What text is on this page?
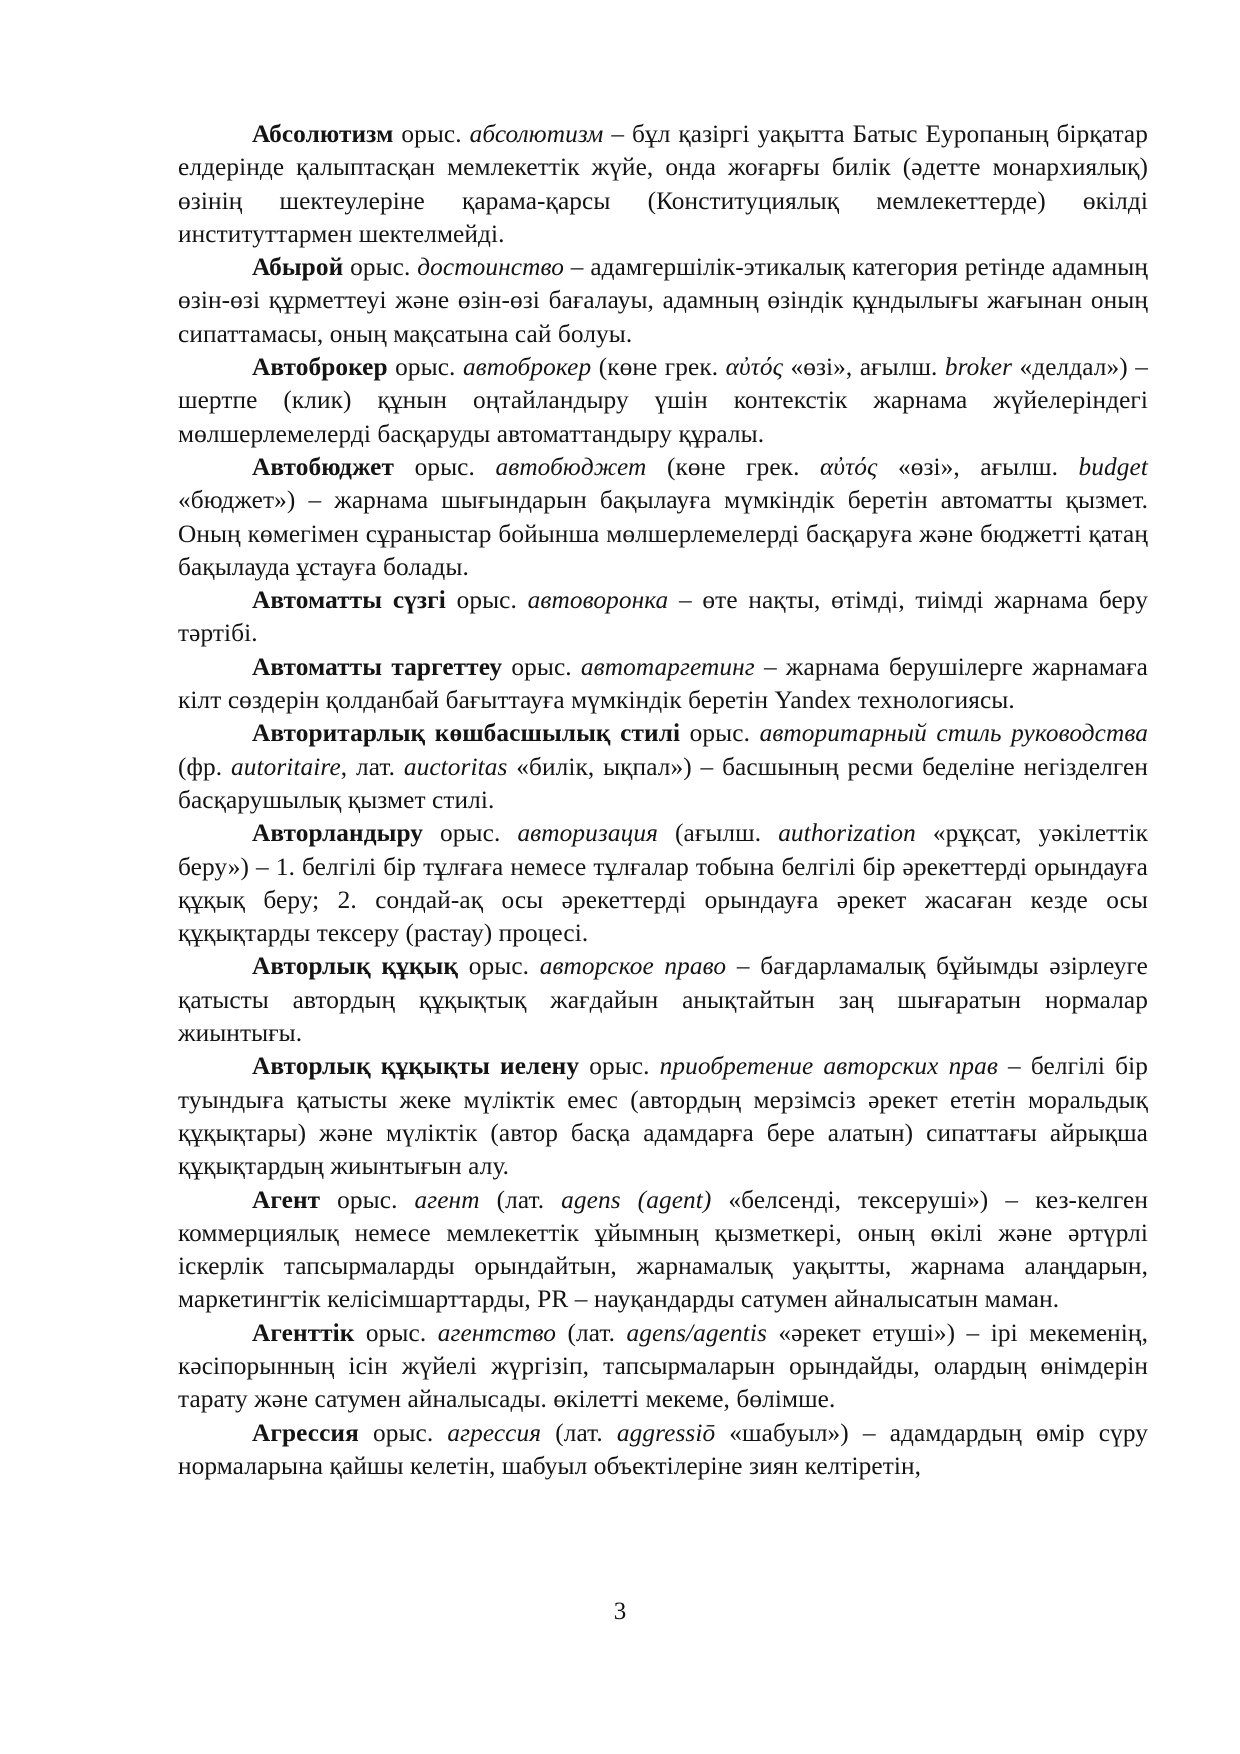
Абсолютизм орыс. абсолютизм – бұл қазіргі уақытта Батыс Еуропаның бірқатар елдерінде қалыптасқан мемлекеттік жүйе, онда жоғарғы билік (әдетте монархиялық) өзінің шектеулеріне қарама-қарсы (Конституциялық мемлекеттерде) өкілді институттармен шектелмейді.

Абырой орыс. достоинство – адамгершілік-этикалық категория ретінде адамның өзін-өзі құрметтеуі және өзін-өзі бағалауы, адамның өзіндік құндылығы жағынан оның сипаттамасы, оның мақсатына сай болуы.

Автоброкер орыс. автоброкер (көне грек. αὐτός «өзі», ағылш. broker «делдал») – шертпе (клик) құнын оңтайландыру үшін контекстік жарнама жүйелеріндегі мөлшерлемелерді басқаруды автоматтандыру құралы.

Автобюджет орыс. автобюджет (көне грек. αὐτός «өзі», ағылш. budget «бюджет») – жарнама шығындарын бақылауға мүмкіндік беретін автоматты қызмет. Оның көмегімен сұраныстар бойынша мөлшерлемелерді басқаруға және бюджетті қатаң бақылауда ұстауға болады.

Автоматты сүзгі орыс. автоворонка – өте нақты, өтімді, тиімді жарнама беру тәртібі.

Автоматты таргеттеу орыс. автотаргетинг – жарнама берушілерге жарнамаға кілт сөздерін қолданбай бағыттауға мүмкіндік беретін Yandex технологиясы.

Авторитарлық көшбасшылық стилі орыс. авторитарный стиль руководства (фр. autoritaire, лат. auctoritas «билік, ықпал») – басшының ресми беделіне негізделген басқарушылық қызмет стилі.

Авторландыру орыс. авторизация (ағылш. authorization «рұқсат, уәкілеттік беру») – 1. белгілі бір тұлғаға немесе тұлғалар тобына белгілі бір әрекеттерді орындауға құқық беру; 2. сондай-ақ осы әрекеттерді орындауға әрекет жасаған кезде осы құқықтарды тексеру (растау) процесі.

Авторлық құқық орыс. авторское право – бағдарламалық бұйымды әзірлеуге қатысты автордың құқықтық жағдайын анықтайтын заң шығаратын нормалар жиынтығы.

Авторлық құқықты иелену орыс. приобретение авторских прав – белгілі бір туындыға қатысты жеке мүліктік емес (автордың мерзімсіз әрекет ететін моральдық құқықтары) және мүліктік (автор басқа адамдарға бере алатын) сипаттағы айрықша құқықтардың жиынтығын алу.

Агент орыс. агент (лат. agens (agent) «белсенді, тексеруші») – кез-келген коммерциялық немесе мемлекеттік ұйымның қызметкері, оның өкілі және әртүрлі іскерлік тапсырмаларды орындайтын, жарнамалық уақытты, жарнама алаңдарын, маркетингтік келісімшарттарды, PR – науқандарды сатумен айналысатын маман.

Агенттік орыс. агентство (лат. agens/agentis «әрекет етуші») – ірі мекеменің, кәсіпорынның ісін жүйелі жүргізіп, тапсырмаларын орындайды, олардың өнімдерін тарату және сатумен айналысады. өкілетті мекеме, бөлімше.

Агрессия орыс. агрессия (лат. aggressiō «шабуыл») – адамдардың өмір сүру нормаларына қайшы келетін, шабуыл объектілеріне зиян келтіретін,

3
